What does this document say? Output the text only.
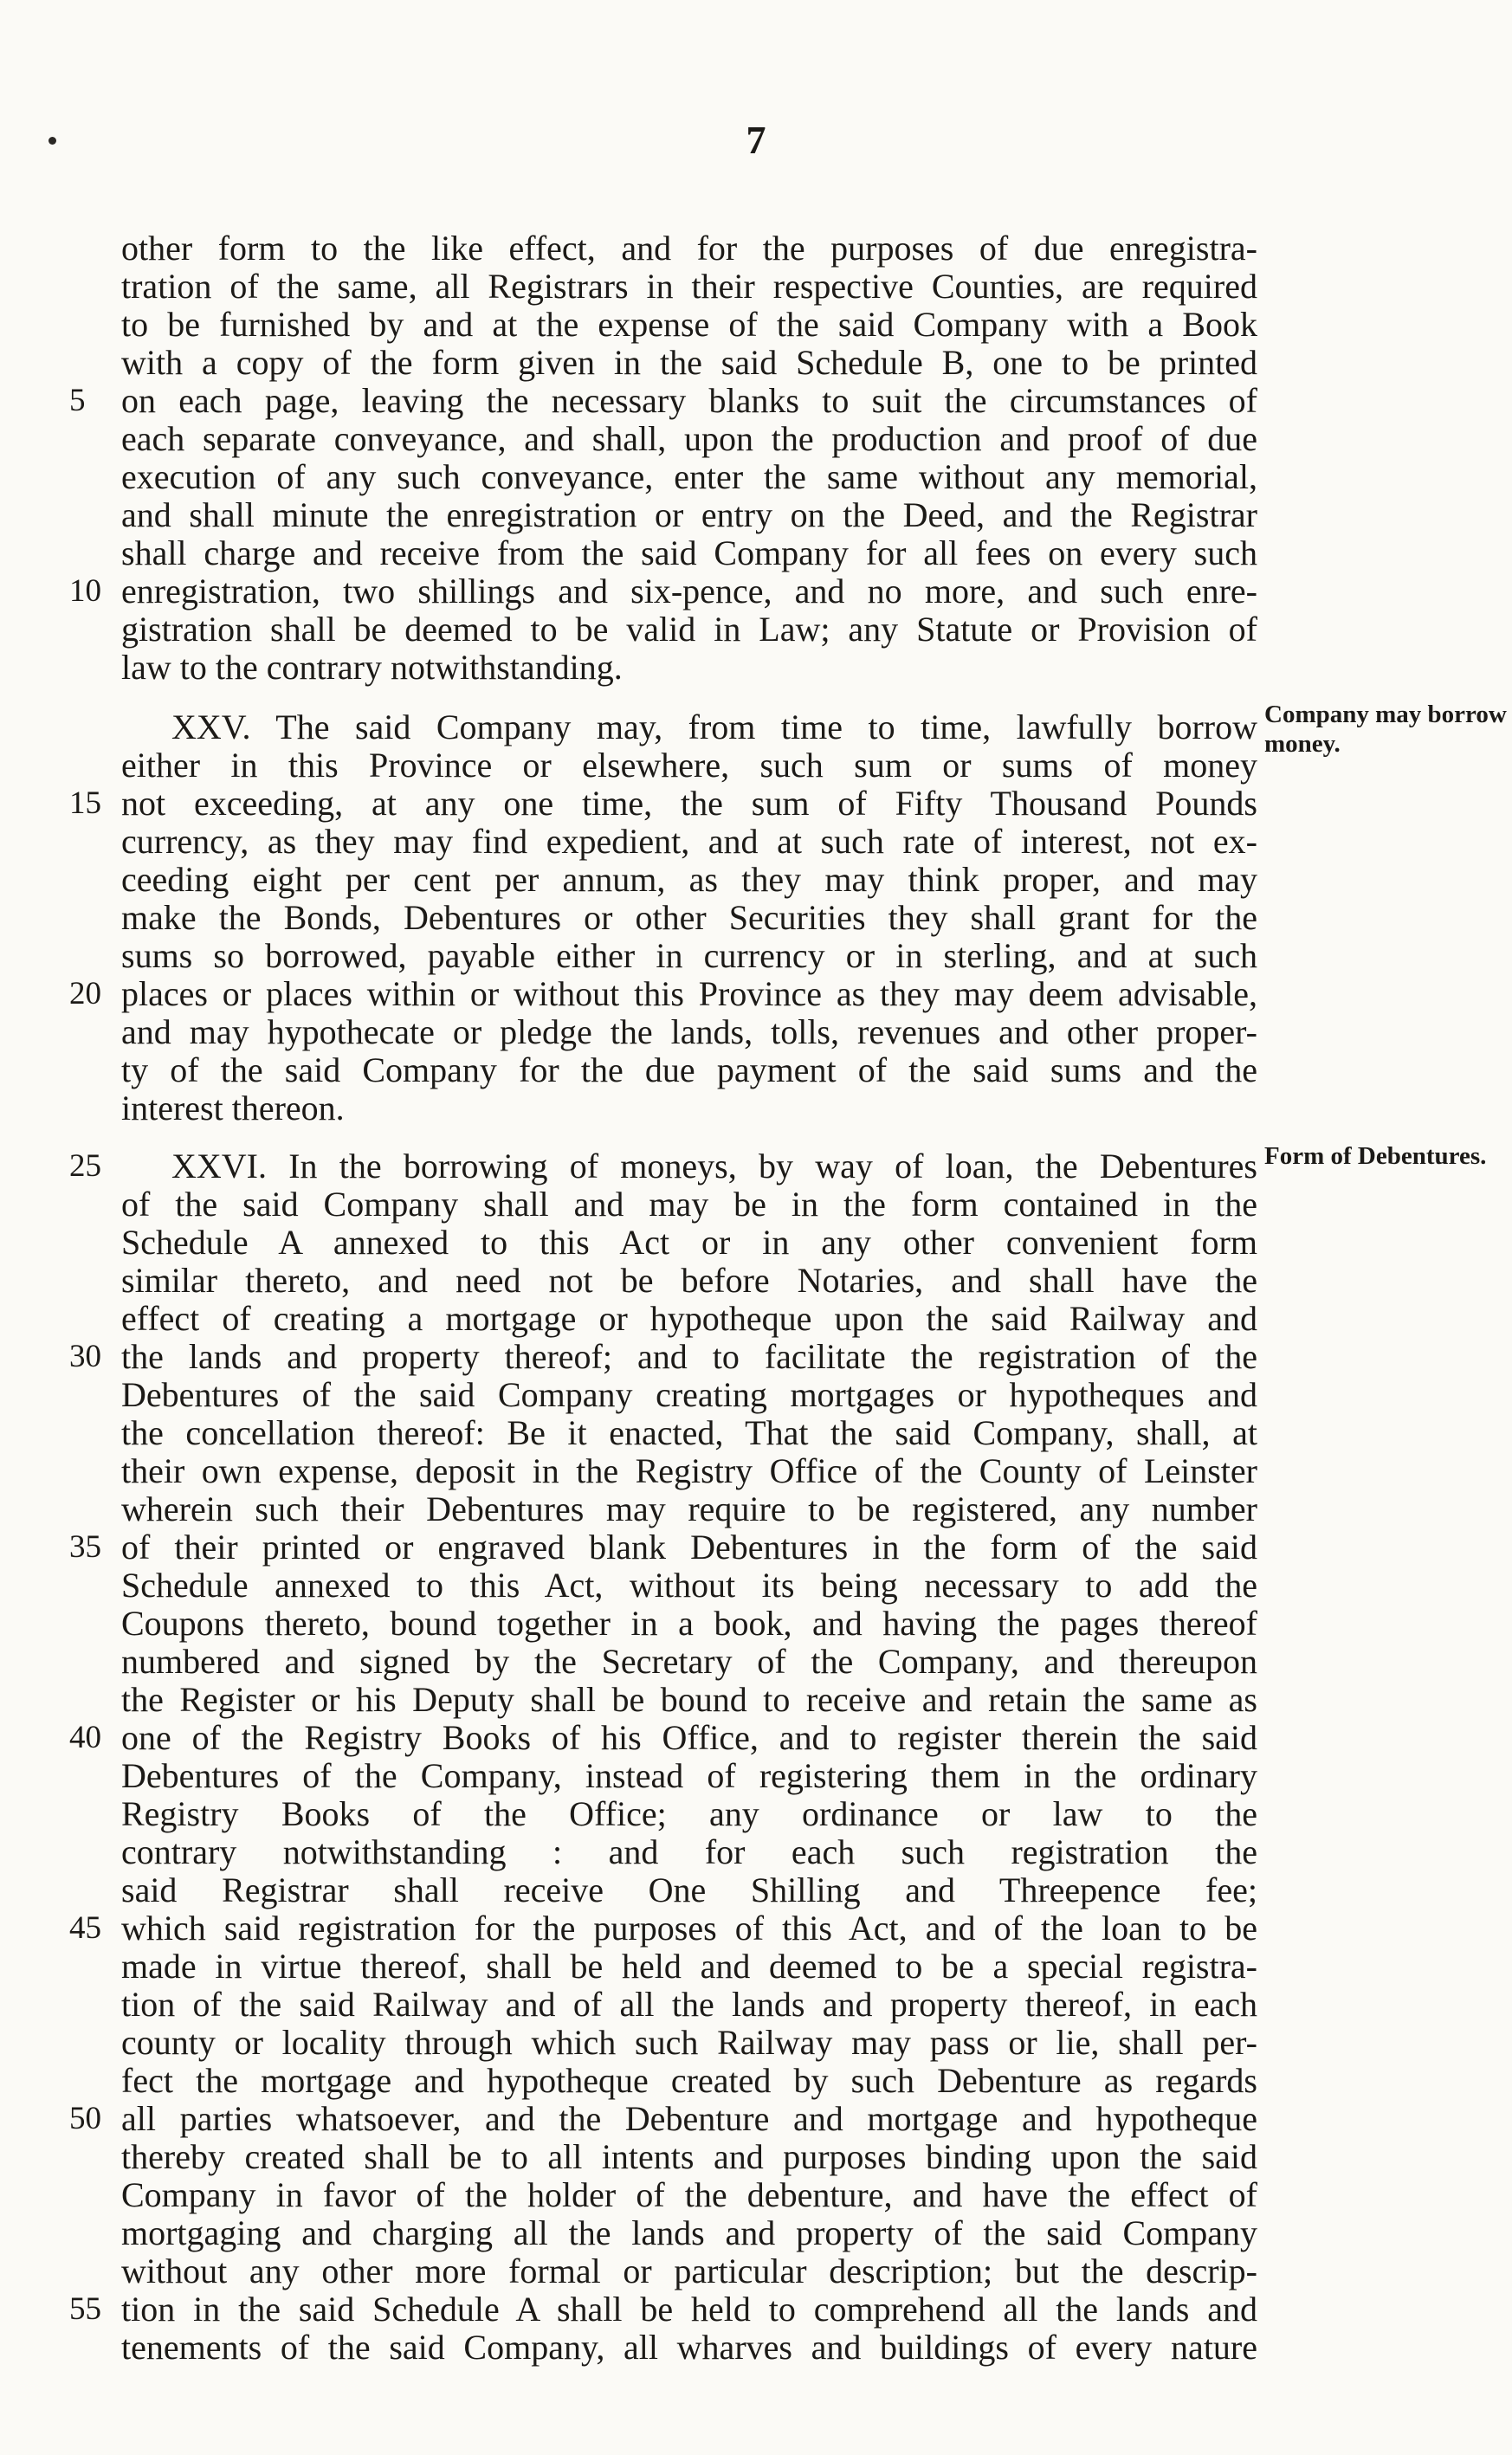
7
other form to the like effect, and for the purposes of due enregistra-
tration of the same, all Registrars in their respective Counties, are required
to be furnished by and at the expense of the said Company with a Book
with a copy of the form given in the said Schedule B, one to be printed
on each page, leaving the necessary blanks to suit the circumstances of
each separate conveyance, and shall, upon the production and proof of due
execution of any such conveyance, enter the same without any memorial,
and shall minute the enregistration or entry on the Deed, and the Registrar
shall charge and receive from the said Company for all fees on every such
enregistration, two shillings and six-pence, and no more, and such enre-
gistration shall be deemed to be valid in Law; any Statute or Provision of
law to the contrary notwithstanding.
XXV. The said Company may, from time to time, lawfully borrow
either in this Province or elsewhere, such sum or sums of money
not exceeding, at any one time, the sum of Fifty Thousand Pounds
currency, as they may find expedient, and at such rate of interest, not ex-
ceeding eight per cent per annum, as they may think proper, and may
make the Bonds, Debentures or other Securities they shall grant for the
sums so borrowed, payable either in currency or in sterling, and at such
places or places within or without this Province as they may deem advisable,
and may hypothecate or pledge the lands, tolls, revenues and other proper-
ty of the said Company for the due payment of the said sums and the
interest thereon.
Company may borrow money.
XXVI. In the borrowing of moneys, by way of loan, the Debentures
of the said Company shall and may be in the form contained in the
Schedule A annexed to this Act or in any other convenient form
similar thereto, and need not be before Notaries, and shall have the
effect of creating a mortgage or hypotheque upon the said Railway and
the lands and property thereof; and to facilitate the registration of the
Debentures of the said Company creating mortgages or hypotheques and
the concellation thereof: Be it enacted, That the said Company, shall, at
their own expense, deposit in the Registry Office of the County of Leinster
wherein such their Debentures may require to be registered, any number
of their printed or engraved blank Debentures in the form of the said
Schedule annexed to this Act, without its being necessary to add the
Coupons thereto, bound together in a book, and having the pages thereof
numbered and signed by the Secretary of the Company, and thereupon
the Register or his Deputy shall be bound to receive and retain the same as
one of the Registry Books of his Office, and to register therein the said
Debentures of the Company, instead of registering them in the ordinary
Registry Books of the Office; any ordinance or law to the
contrary notwithstanding : and for each such registration the
said Registrar shall receive One Shilling and Threepence fee;
which said registration for the purposes of this Act, and of the loan to be
made in virtue thereof, shall be held and deemed to be a special registra-
tion of the said Railway and of all the lands and property thereof, in each
county or locality through which such Railway may pass or lie, shall per-
fect the mortgage and hypotheque created by such Debenture as regards
all parties whatsoever, and the Debenture and mortgage and hypotheque
thereby created shall be to all intents and purposes binding upon the said
Company in favor of the holder of the debenture, and have the effect of
mortgaging and charging all the lands and property of the said Company
without any other more formal or particular description; but the descrip-
tion in the said Schedule A shall be held to comprehend all the lands and
tenements of the said Company, all wharves and buildings of every nature
Form of Debentures.
5
10
15
20
25
30
35
40
45
50
55
